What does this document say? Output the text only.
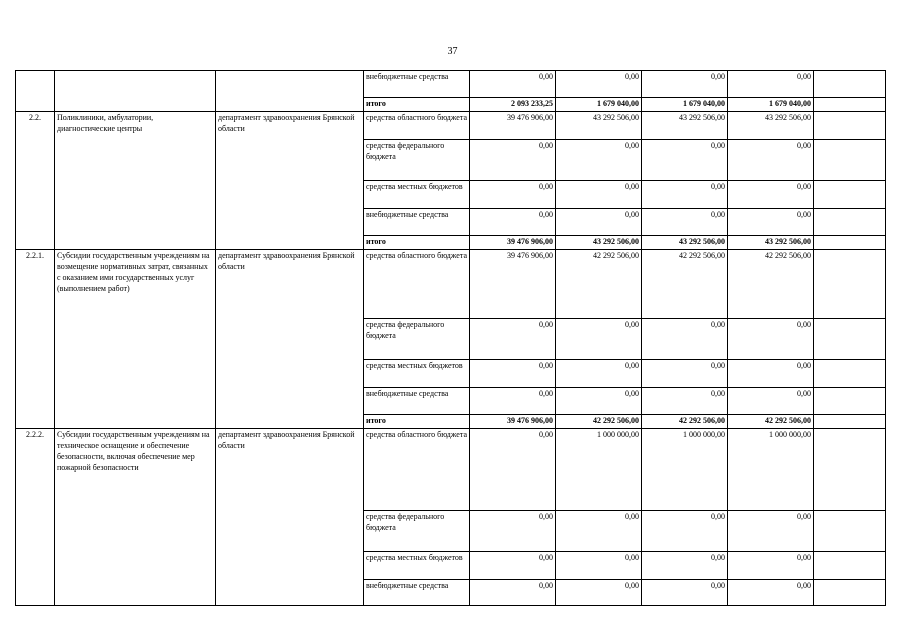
37
			внебюджетные средства	0,00	0,00	0,00	0,00	
			итого	2 093 233,25	1 679 040,00	1 679 040,00	1 679 040,00	
2.2.	Поликлиники, амбулатории, диагностические центры	департамент здравоохранения Брянской области	средства областного бюджета	39 476 906,00	43 292 506,00	43 292 506,00	43 292 506,00	
			средства федерального бюджета	0,00	0,00	0,00	0,00	
			средства местных бюджетов	0,00	0,00	0,00	0,00	
			внебюджетные средства	0,00	0,00	0,00	0,00	
			итого	39 476 906,00	43 292 506,00	43 292 506,00	43 292 506,00	
2.2.1.	Субсидии государственным учреждениям на возмещение нормативных затрат, связанных с оказанием ими государственных услуг (выполнением работ)	департамент здравоохранения Брянской области	средства областного бюджета	39 476 906,00	42 292 506,00	42 292 506,00	42 292 506,00	
			средства федерального бюджета	0,00	0,00	0,00	0,00	
			средства местных бюджетов	0,00	0,00	0,00	0,00	
			внебюджетные средства	0,00	0,00	0,00	0,00	
			итого	39 476 906,00	42 292 506,00	42 292 506,00	42 292 506,00	
2.2.2.	Субсидии государственным учреждениям на техническое оснащение и обеспечение безопасности, включая обеспечение мер пожарной безопасности	департамент здравоохранения Брянской области	средства областного бюджета	0,00	1 000 000,00	1 000 000,00	1 000 000,00	
			средства федерального бюджета	0,00	0,00	0,00	0,00	
			средства местных бюджетов	0,00	0,00	0,00	0,00	
			внебюджетные средства	0,00	0,00	0,00	0,00	
